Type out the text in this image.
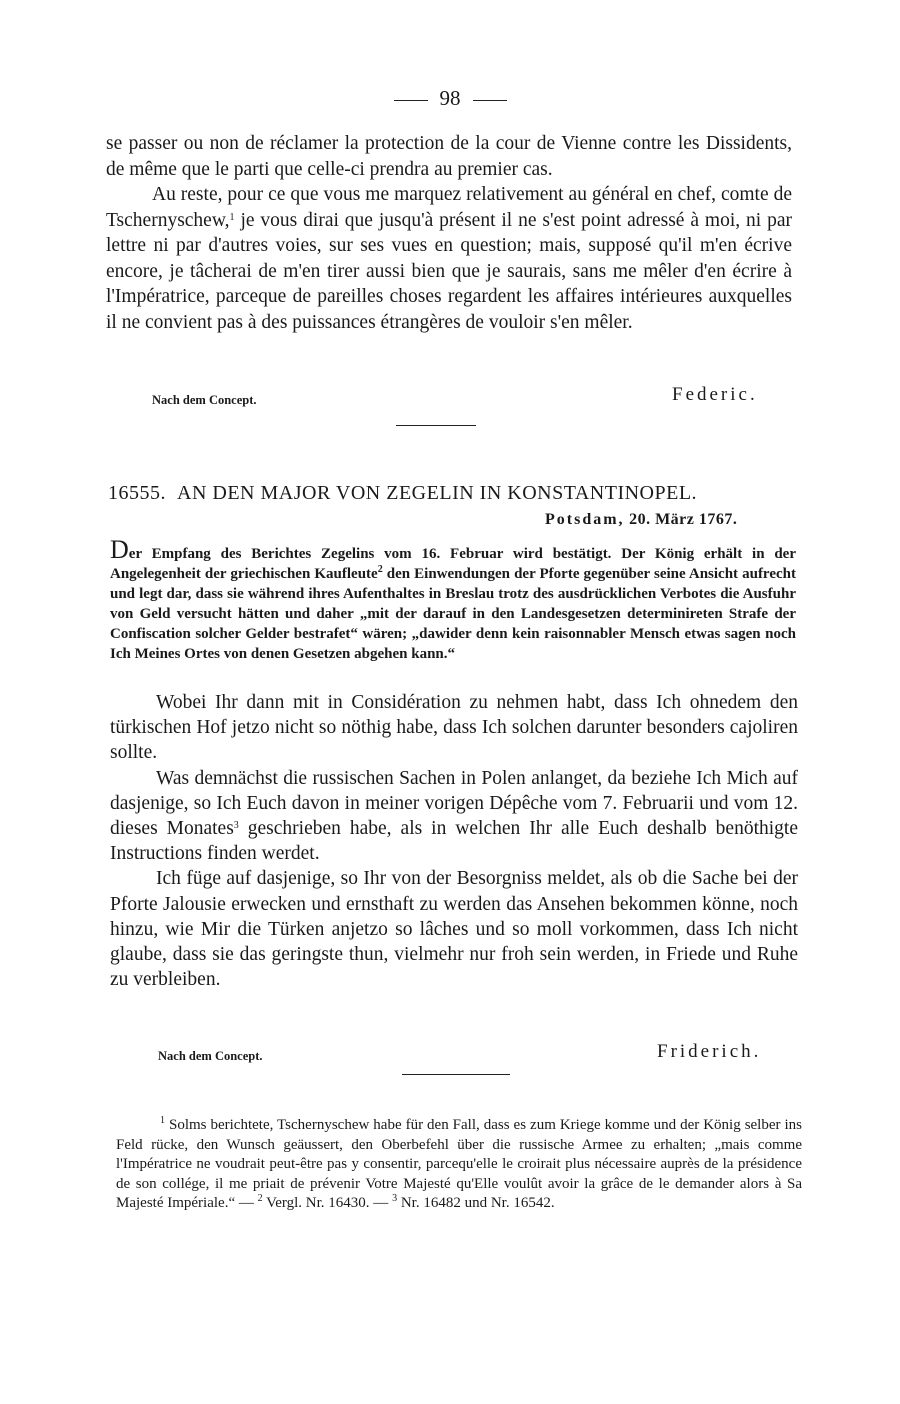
98

se passer ou non de réclamer la protection de la cour de Vienne contre les Dissidents, de même que le parti que celle-ci prendra au premier cas.

Au reste, pour ce que vous me marquez relativement au général en chef, comte de Tschernyschew,$^1$ je vous dirai que jusqu'à présent il ne s'est point adressé à moi, ni par lettre ni par d'autres voies, sur ses vues en question; mais, supposé qu'il m'en écrive encore, je tâcherai de m'en tirer aussi bien que je saurais, sans me mêler d'en écrire à l'Impératrice, parceque de pareilles choses regardent les affaires intérieures auxquelles il ne convient pas à des puissances étrangères de vouloir s'en mêler.

Nach dem Concept.	Federic.
16555. AN DEN MAJOR VON ZEGELIN IN KONSTANTINOPEL.
Potsdam, 20. März 1767.
Der Empfang des Berichtes Zegelins vom 16. Februar wird bestätigt. Der König erhält in der Angelegenheit der griechischen Kaufleute$^2$ den Einwendungen der Pforte gegenüber seine Ansicht aufrecht und legt dar, dass sie während ihres Aufenthaltes in Breslau trotz des ausdrücklichen Verbotes die Ausfuhr von Geld versucht hätten und daher „mit der darauf in den Landesgesetzen determinireten Strafe der Confiscation solcher Gelder bestrafet“ wären; „dawider denn kein raisonnabler Mensch etwas sagen noch Ich Meines Ortes von denen Gesetzen abgehen kann.“

Wobei Ihr dann mit in Considération zu nehmen habt, dass Ich ohnedem den türkischen Hof jetzo nicht so nöthig habe, dass Ich solchen darunter besonders cajoliren sollte.

Was demnächst die russischen Sachen in Polen anlanget, da beziehe Ich Mich auf dasjenige, so Ich Euch davon in meiner vorigen Dépêche vom 7. Februarii und vom 12. dieses Monates$^3$ geschrieben habe, als in welchen Ihr alle Euch deshalb benöthigte Instructions finden werdet.

Ich füge auf dasjenige, so Ihr von der Besorgniss meldet, als ob die Sache bei der Pforte Jalousie erwecken und ernsthaft zu werden das Ansehen bekommen könne, noch hinzu, wie Mir die Türken anjetzo so lâches und so moll vorkommen, dass Ich nicht glaube, dass sie das geringste thun, vielmehr nur froh sein werden, in Friede und Ruhe zu verbleiben.

Nach dem Concept.	Friderich.

$^1$ Solms berichtete, Tschernyschew habe für den Fall, dass es zum Kriege komme und der König selber ins Feld rücke, den Wunsch geäussert, den Oberbefehl über die russische Armee zu erhalten; „mais comme l'Impératrice ne voudrait peut-être pas y consentir, parcequ'elle le croirait plus nécessaire auprès de la présidence de son collége, il me priait de prévenir Votre Majesté qu'Elle voulût avoir la grâce de le demander alors à Sa Majesté Impériale.“ — $^2$ Vergl. Nr. 16430. — $^3$ Nr. 16482 und Nr. 16542.
